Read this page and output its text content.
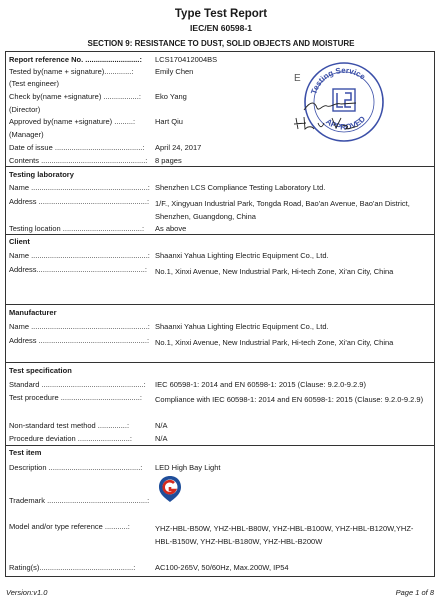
Type Test Report
IEC/EN 60598-1
SECTION 9: RESISTANCE TO DUST, SOLID OBJECTS AND MOISTURE
Report reference No. ..........................: LCS170412004BS
Tested by(name + signature).............:	Emily Chen
(Test engineer)
Check by(name +signature) .................: Eko Yang
(Director)
Approved by(name +signature) .........:	Hart Qiu
(Manager)
Date of issue ..........................................: April 24, 2017
Contents ..................................................: 8 pages
Testing Service
APPROVED
E
Testing laboratory
Name ........................................................: Shenzhen LCS Compliance Testing Laboratory Ltd.
Address ....................................................: 1/F., Xingyuan Industrial Park, Tongda Road, Bao'an Avenue, Bao'an District, Shenzhen, Guangdong, China
Testing location ......................................: As above
Client
Name ........................................................: Shaanxi Yahua Lighting Electric Equipment Co., Ltd.
Address....................................................: No.1, Xinxi Avenue, New Industrial Park, Hi-tech Zone, Xi'an City, China
Manufacturer
Name ........................................................: Shaanxi Yahua Lighting Electric Equipment Co., Ltd.
Address ....................................................: No.1, Xinxi Avenue, New Industrial Park, Hi-tech Zone, Xi'an City, China
Test specification
Standard .................................................: IEC 60598-1: 2014 and EN 60598-1: 2015 (Clause: 9.2.0-9.2.9)
Test procedure ......................................: Compliance with IEC 60598-1: 2014 and EN 60598-1: 2015 (Clause: 9.2.0-9.2.9)
Non-standard test method ..............:	N/A
Procedure deviation .........................:	N/A
Test item
Description ............................................: LED High Bay Light
Trademark ................................................:
Model and/or type reference ...........:	YHZ-HBL-B50W, YHZ-HBL-B80W, YHZ-HBL-B100W, YHZ-HBL-B120W,YHZ-HBL-B150W, YHZ-HBL-B180W, YHZ-HBL-B200W
Rating(s).............................................:	AC100-265V, 50/60Hz, Max.200W, IP54
Version:v1.0	Page 1 of 8
